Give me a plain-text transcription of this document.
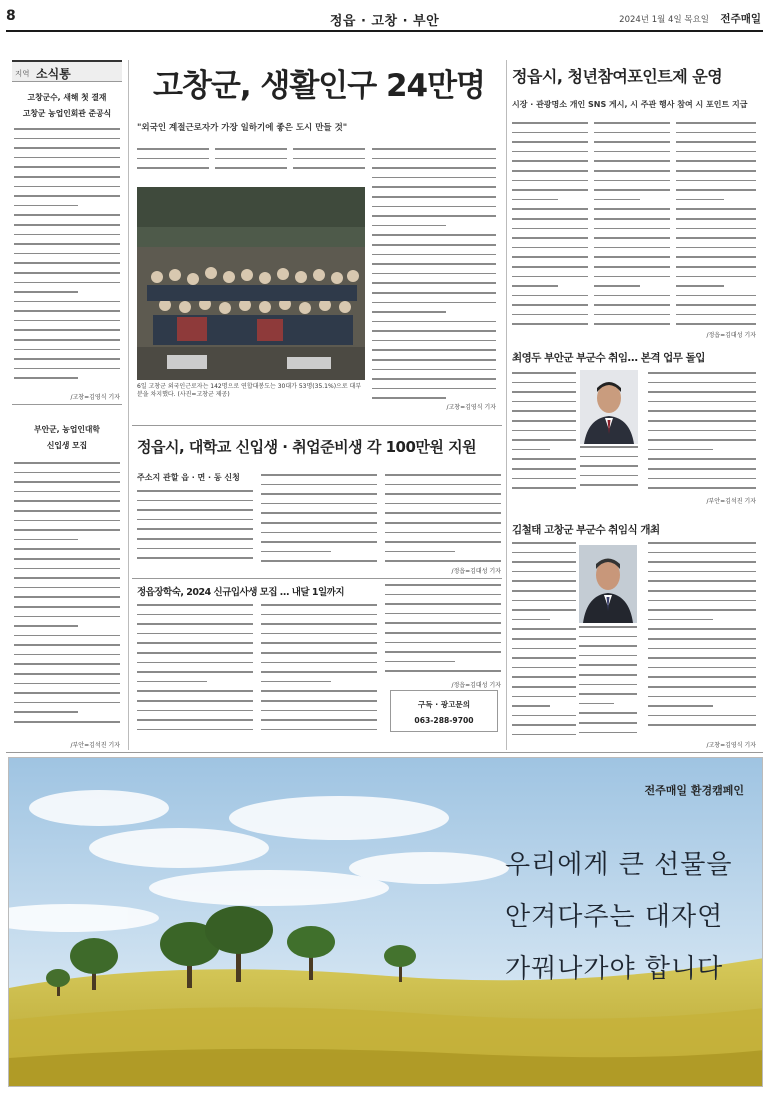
8	정읍 · 고창 · 부안	2024년 1월 4일 목요일 전주매일
지역 소식통
고창군수, 새해 첫 결재
고창군 농업인회관 준공식
/고창=김영식 기자
부안군, 농업인대학
신입생 모집
/부안=김석진 기자
고창군, 생활인구 24만명
"외국인 계절근로자가 가장 일하기에 좋은 도시 만들 것"
/고창=김영식 기자
6일 고창군 외국인근로자는 142명으로 연합대봉도는 30대가 53명(35.1%)으로 대부분을 차지했다. (사진=고창군 제공)
정읍시, 청년참여포인트제 운영
시장 · 관광명소 개인 SNS 게시, 시 주관 행사 참여 시 포인트 지급
/정읍=김대성 기자
최영두 부안군 부군수 취임… 본격 업무 돌입
/부안=김석진 기자
김철태 고창군 부군수 취임식 개최
/고창=김영식 기자
정읍시, 대학교 신입생 · 취업준비생 각 100만원 지원
주소지 관할 읍 · 면 · 동 신청
/정읍=김대성 기자
정읍장학숙, 2024 신규입사생 모집 … 내달 1일까지
/정읍=김대성 기자
구독 · 광고문의
063-288-9700
전주매일 환경캠페인
우리에게 큰 선물을
안겨다주는 대자연
가꿔나가야 합니다
